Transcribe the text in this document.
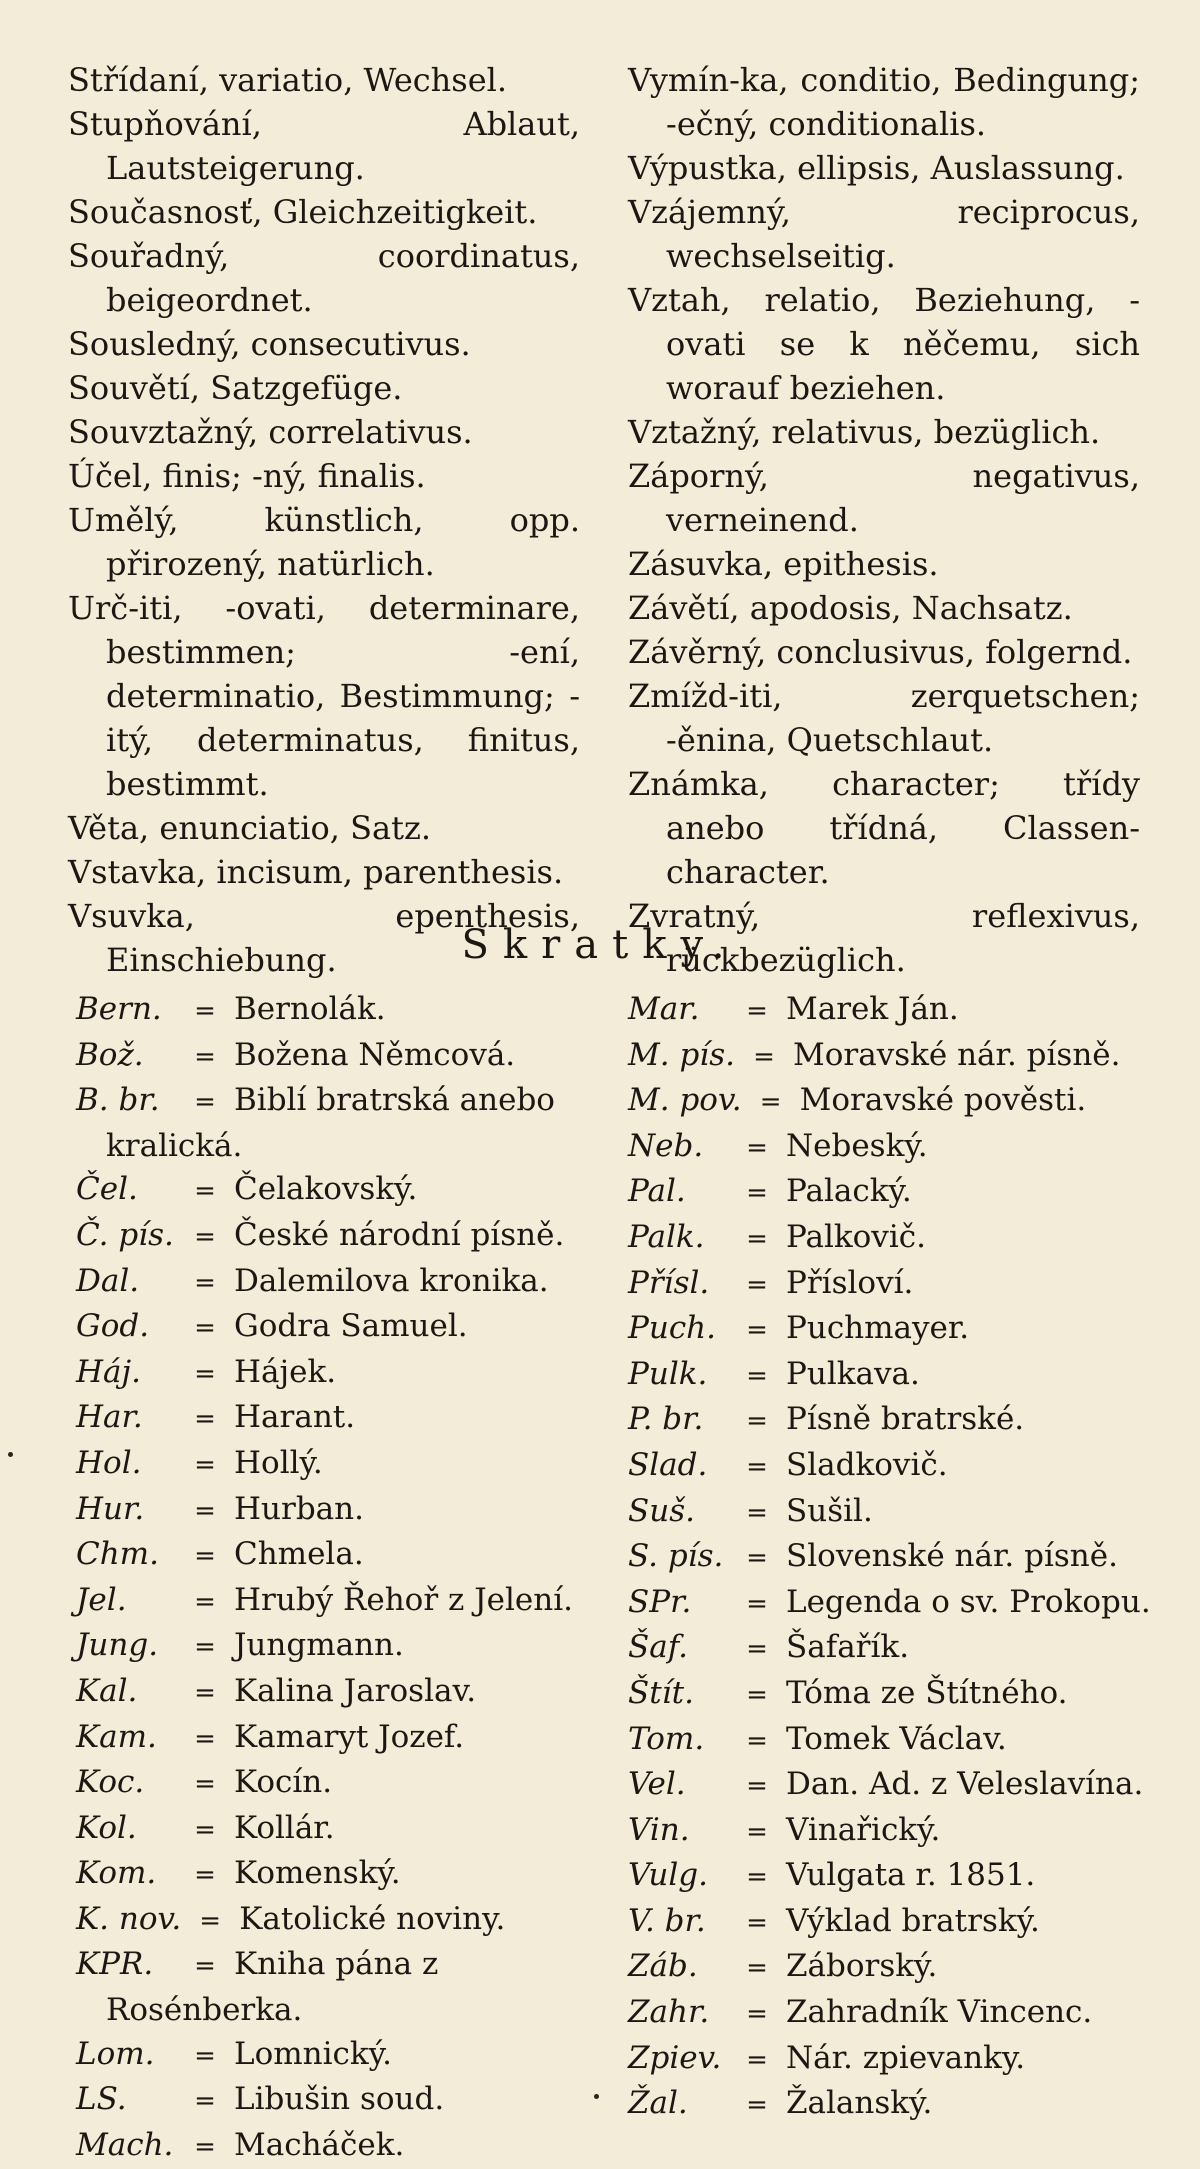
Střídaní, variatio, Wechsel.
Stupňování, Ablaut, Lautsteigerung.
Současnosť, Gleichzeitigkeit.
Souřadný, coordinatus, beigeordnet.
Sousledný, consecutivus.
Souvětí, Satzgefüge.
Souvztažný, correlativus.
Účel, finis; -ný, finalis.
Umělý, künstlich, opp. přirozený, natürlich.
Urč-iti, -ovati, determinare, bestimmen; -ení, determinatio, Bestimmung; -itý, determinatus, finitus, bestimmt.
Věta, enunciatio, Satz.
Vstavka, incisum, parenthesis.
Vsuvka, epenthesis, Einschiebung.
Vymín-ka, conditio, Bedingung; -ečný, conditionalis.
Výpustka, ellipsis, Auslassung.
Vzájemný, reciprocus, wechselseitig.
Vztah, relatio, Beziehung, -ovati se k něčemu, sich worauf beziehen.
Vztažný, relativus, bezüglich.
Záporný, negativus, verneinend.
Zásuvka, epithesis.
Závětí, apodosis, Nachsatz.
Závěrný, conclusivus, folgernd.
Zmížd-iti, zerquetschen; -ěnina, Quetschlaut.
Známka, character; třídy anebo třídná, Classen-character.
Zvratný, reflexivus, rückbezüglich.
Skratky.
Bern. = Bernolák.
Bož. = Božena Němcová.
B. br. = Biblí bratrská anebo kralická.
Čel. = Čelakovský.
Č. pís. = České národní písně.
Dal. = Dalemilova kronika.
God. = Godra Samuel.
Háj. = Hájek.
Har. = Harant.
Hol. = Hollý.
Hur. = Hurban.
Chm. = Chmela.
Jel.	= Hrubý Řehoř z Jelení.
Jung. = Jungmann.
Kal. = Kalina Jaroslav.
Kam. = Kamaryt Jozef.
Koc. = Kocín.
Kol. = Kollár.
Kom. = Komenský.
K. nov. = Katolické noviny.
KPR. = Kniha pána z Rosénberka.
Lom. = Lomnický.
LS.	= Libušin soud.
Mach. = Macháček.
Mar. = Marek Ján.
M. pís. = Moravské nár. písně.
M. pov. = Moravské pověsti.
Neb. = Nebeský.
Pal. = Palacký.
Palk. = Palkovič.
Přísl. = Přísloví.
Puch. = Puchmayer.
Pulk. = Pulkava.
P. br. = Písně bratrské.
Slad. = Sladkovič.
Suš. = Sušil.
S. pís. = Slovenské nár. písně.
SPr. = Legenda o sv. Prokopu.
Šaf. = Šafařík.
Štít. = Tóma ze Štítného.
Tom. = Tomek Václav.
Vel. = Dan. Ad. z Veleslavína.
Vin. = Vinařický.
Vulg. = Vulgata r. 1851.
V. br. = Výklad bratrský.
Záb. = Záborský.
Zahr. = Zahradník Vincenc.
Zpiev. = Nár. zpievanky.
Žal. = Žalanský.
